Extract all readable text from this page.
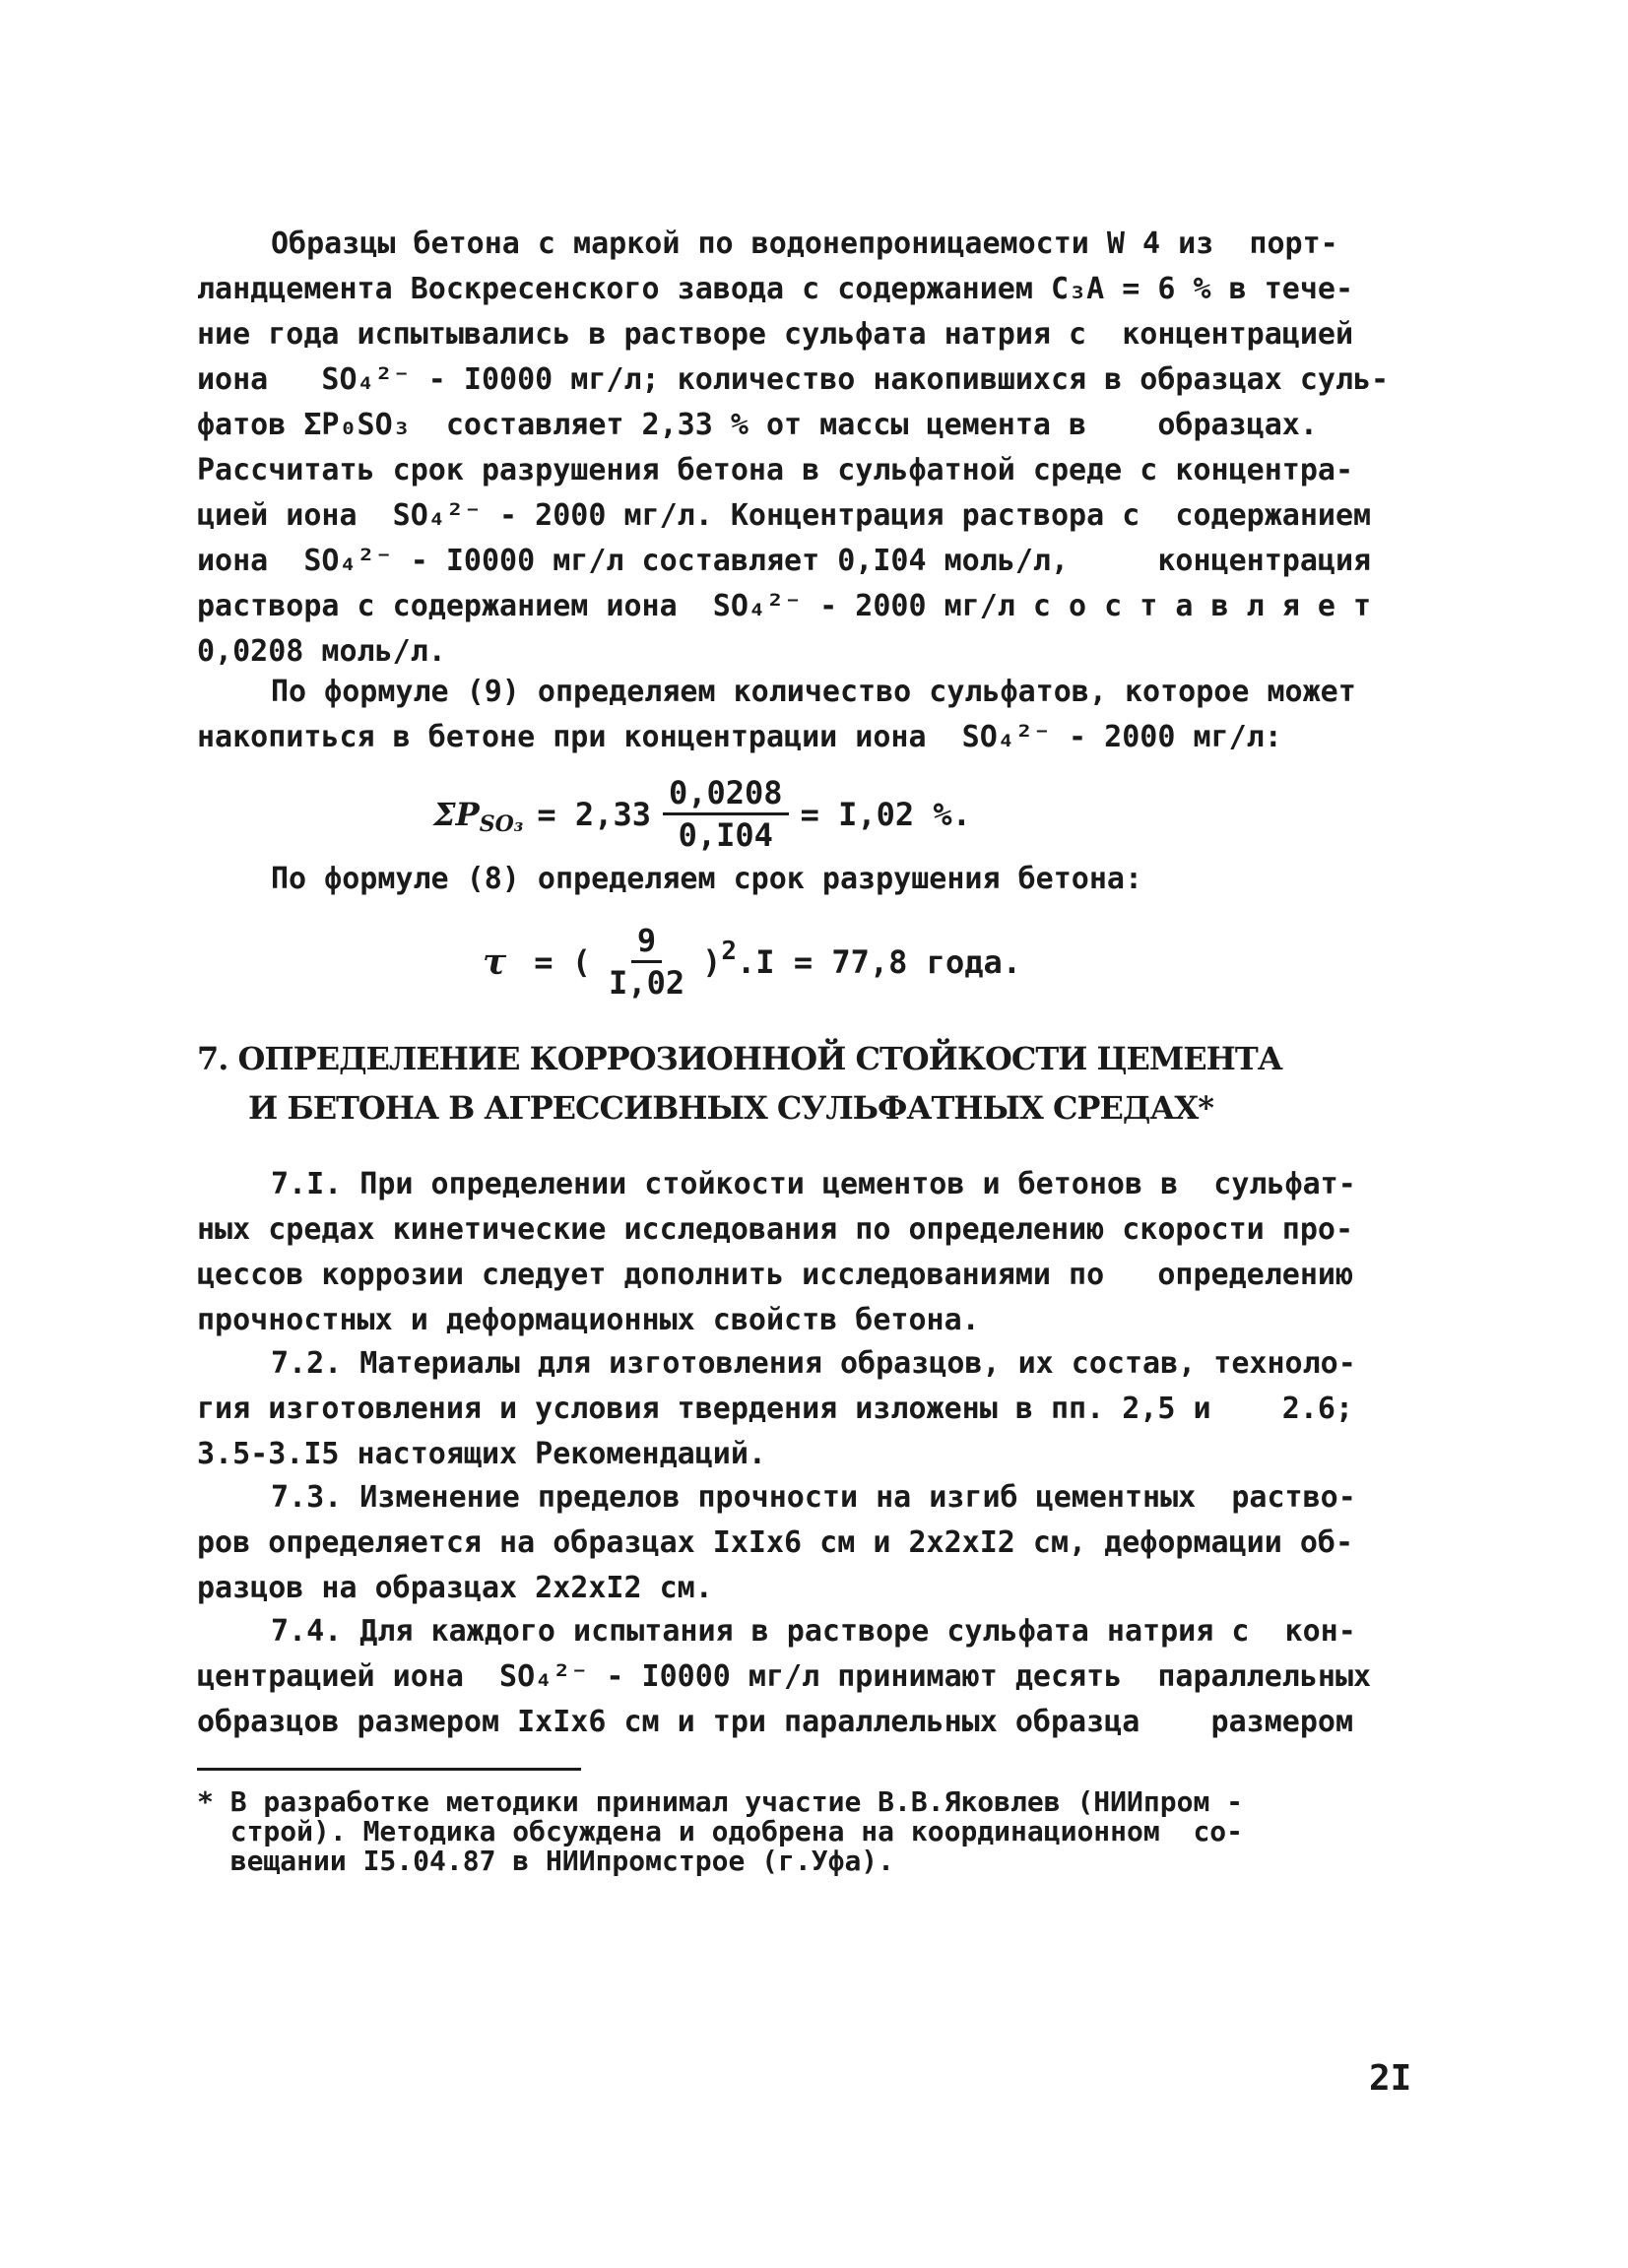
Образцы бетона с маркой по водонепроницаемости W 4 из  порт-
ландцемента Воскресенского завода с содержанием C₃A = 6 % в тече-
ние года испытывались в растворе сульфата натрия с  концентрацией
иона   SO₄²⁻ - I0000 мг/л; количество накопившихся в образцах суль-
фатов ΣP₀SO₃  составляет 2,33 % от массы цемента в    образцах.
Рассчитать срок разрушения бетона в сульфатной среде с концентра-
цией иона  SO₄²⁻ - 2000 мг/л. Концентрация раствора с  содержанием
иона  SO₄²⁻ - I0000 мг/л составляет 0,I04 моль/л,     концентрация
раствора с содержанием иона  SO₄²⁻ - 2000 мг/л с о с т а в л я е т
0,0208 моль/л.
По формуле (9) определяем количество сульфатов, которое может
накопиться в бетоне при концентрации иона  SO₄²⁻ - 2000 мг/л:
$\Sigma P_{SO_3} = 2,33 \frac{0,0208}{0,I04} = I,02$ %.
По формуле (8) определяем срок разрушения бетона:
τ = ( $\frac{9}{I,02} )^2$ .I = 77,8 года.
7. ОПРЕДЕЛЕНИЕ КОРРОЗИОННОЙ СТОЙКОСТИ ЦЕМЕНТА
И БЕТОНА В АГРЕССИВНЫХ СУЛЬФАТНЫХ СРЕДАХ*
7.I. При определении стойкости цементов и бетонов в  сульфат-
ных средах кинетические исследования по определению скорости про-
цессов коррозии следует дополнить исследованиями по   определению
прочностных и деформационных свойств бетона.
7.2. Материалы для изготовления образцов, их состав, техноло-
гия изготовления и условия твердения изложены в пп. 2,5 и    2.6;
3.5-3.I5 настоящих Рекомендаций.
7.3. Изменение пределов прочности на изгиб цементных  раство-
ров определяется на образцах IxIx6 см и 2x2xI2 см, деформации об-
разцов на образцах 2x2xI2 см.
7.4. Для каждого испытания в растворе сульфата натрия с  кон-
центрацией иона  SO₄²⁻ - I0000 мг/л принимают десять  параллельных
образцов размером IxIx6 см и три параллельных образца    размером
* В разработке методики принимал участие В.В.Яковлев (НИИпром -
строй). Методика обсуждена и одобрена на координационном  со-
вещании I5.04.87 в НИИпромстрое (г.Уфа).
2I
